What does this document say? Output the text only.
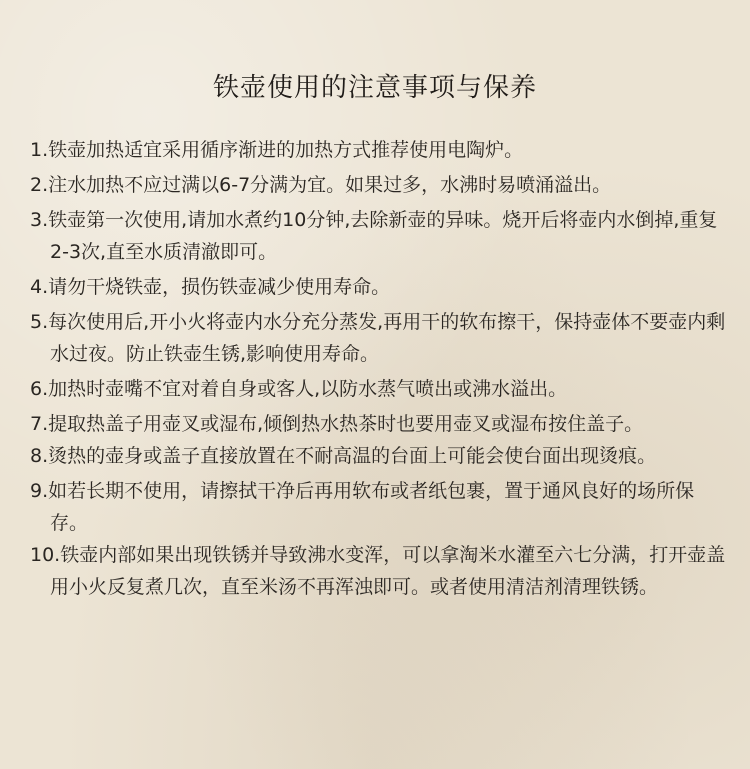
铁壶使用的注意事项与保养
1.铁壶加热适宜采用循序渐进的加热方式推荐使用电陶炉。
2.注水加热不应过满以6-7分满为宜。如果过多，水沸时易喷涌溢出。
3.铁壶第一次使用,请加水煮约10分钟,去除新壶的异味。烧开后将壶内水倒掉,重复2-3次,直至水质清澈即可。
4.请勿干烧铁壶，损伤铁壶减少使用寿命。
5.每次使用后,开小火将壶内水分充分蒸发,再用干的软布擦干，保持壶体不要壶内剩水过夜。防止铁壶生锈,影响使用寿命。
6.加热时壶嘴不宜对着自身或客人,以防水蒸气喷出或沸水溢出。
7.提取热盖子用壶叉或湿布,倾倒热水热茶时也要用壶叉或湿布按住盖子。
8.烫热的壶身或盖子直接放置在不耐高温的台面上可能会使台面出现烫痕。
9.如若长期不使用，请擦拭干净后再用软布或者纸包裹，置于通风良好的场所保存。
10.铁壶内部如果出现铁锈并导致沸水变浑，可以拿淘米水灌至六七分满，打开壶盖用小火反复煮几次，直至米汤不再浑浊即可。或者使用清洁剂清理铁锈。
